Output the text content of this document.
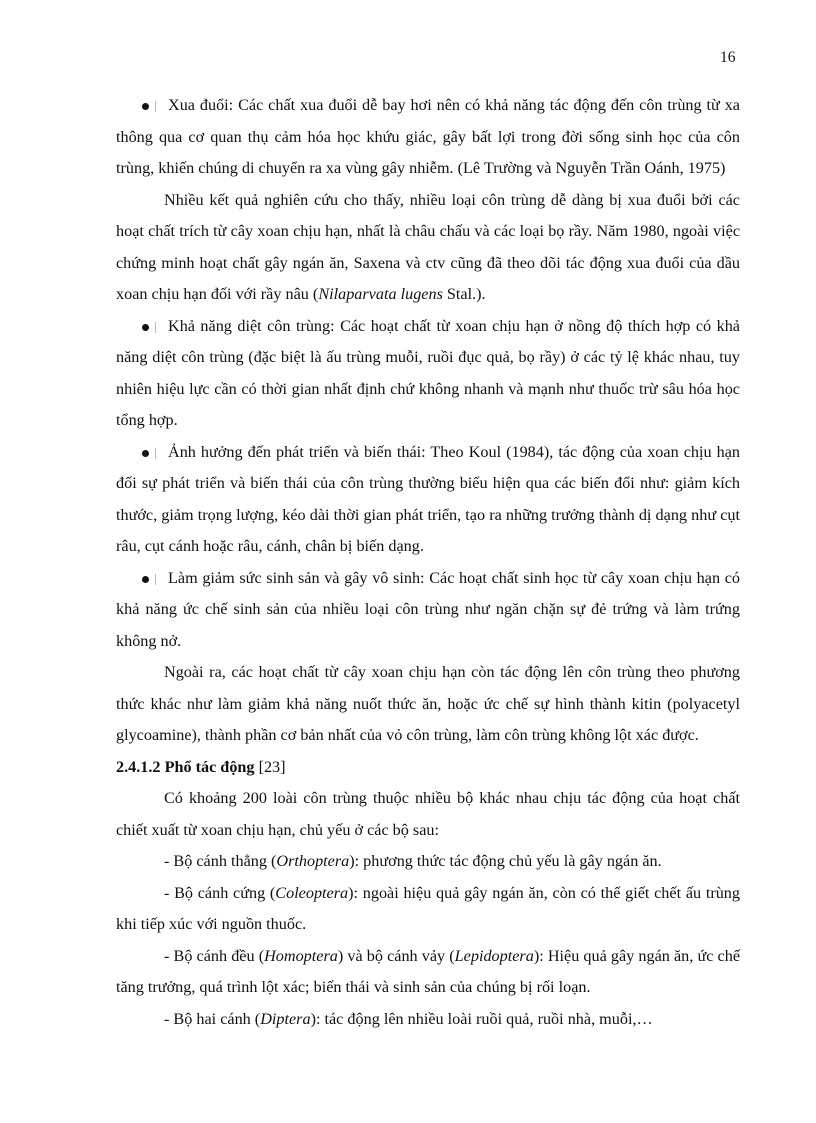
16

Xua đuổi: Các chất xua đuổi dễ bay hơi nên có khả năng tác động đến côn trùng từ xa thông qua cơ quan thụ cảm hóa học khứu giác, gây bất lợi trong đời sống sinh học của côn trùng, khiến chúng di chuyển ra xa vùng gây nhiễm. (Lê Trường và Nguyễn Trần Oánh, 1975)

Nhiều kết quả nghiên cứu cho thấy, nhiều loại côn trùng dễ dàng bị xua đuổi bởi các hoạt chất trích từ cây xoan chịu hạn, nhất là châu chấu và các loại bọ rầy. Năm 1980, ngoài việc chứng minh hoạt chất gây ngán ăn, Saxena và ctv cũng đã theo dõi tác động xua đuổi của dầu xoan chịu hạn đối với rầy nâu (Nilaparvata lugens Stal.).

Khả năng diệt côn trùng: Các hoạt chất từ xoan chịu hạn ở nồng độ thích hợp có khả năng diệt côn trùng (đặc biệt là ấu trùng muỗi, ruồi đục quả, bọ rầy) ở các tỷ lệ khác nhau, tuy nhiên hiệu lực cần có thời gian nhất định chứ không nhanh và mạnh như thuốc trừ sâu hóa học tổng hợp.

Ảnh hưởng đến phát triển và biến thái: Theo Koul (1984), tác động của xoan chịu hạn đối sự phát triển và biến thái của côn trùng thường biểu hiện qua các biến đổi như: giảm kích thước, giảm trọng lượng, kéo dài thời gian phát triển, tạo ra những trưởng thành dị dạng như cụt râu, cụt cánh hoặc râu, cánh, chân bị biến dạng.

Làm giảm sức sinh sản và gây vô sinh: Các hoạt chất sinh học từ cây xoan chịu hạn có khả năng ức chế sinh sản của nhiều loại côn trùng như ngăn chặn sự đẻ trứng và làm trứng không nở.

Ngoài ra, các hoạt chất từ cây xoan chịu hạn còn tác động lên côn trùng theo phương thức khác như làm giảm khả năng nuốt thức ăn, hoặc ức chế sự hình thành kitin (polyacetyl glycoamine), thành phần cơ bản nhất của vỏ côn trùng, làm côn trùng không lột xác được.

2.4.1.2 Phổ tác động [23]

Có khoảng 200 loài côn trùng thuộc nhiều bộ khác nhau chịu tác động của hoạt chất chiết xuất từ xoan chịu hạn, chủ yếu ở các bộ sau:

- Bộ cánh thẳng (Orthoptera): phương thức tác động chủ yếu là gây ngán ăn.

- Bộ cánh cứng (Coleoptera): ngoài hiệu quả gây ngán ăn, còn có thể giết chết ấu trùng khi tiếp xúc với nguồn thuốc.

- Bộ cánh đều (Homoptera) và bộ cánh vảy (Lepidoptera): Hiệu quả gây ngán ăn, ức chế tăng trưởng, quá trình lột xác; biến thái và sinh sản của chúng bị rối loạn.

- Bộ hai cánh (Diptera): tác động lên nhiều loài ruồi quả, ruồi nhà, muỗi,…
